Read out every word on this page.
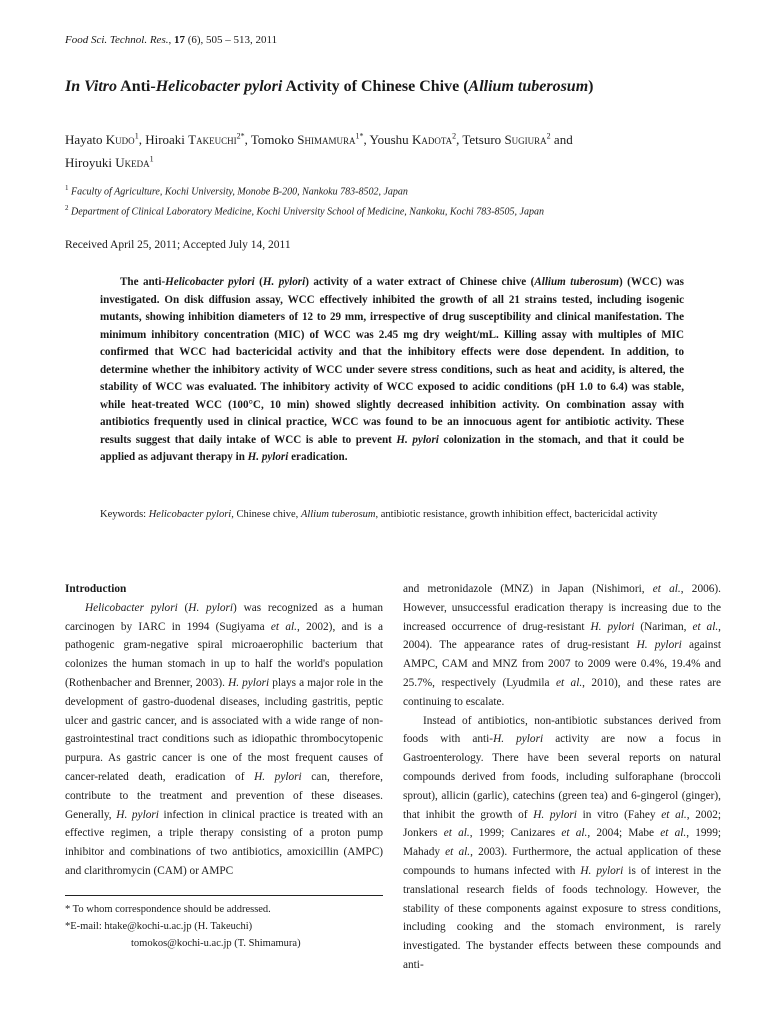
Food Sci. Technol. Res., 17 (6), 505 – 513, 2011
In Vitro Anti-Helicobacter pylori Activity of Chinese Chive (Allium tuberosum)
Hayato Kudo$^1$, Hiroaki Takeuchi$^{2*}$, Tomoko Shimamura$^{1*}$, Youshu Kadota$^2$, Tetsuro Sugiura$^2$ and
Hiroyuki Ukeda$^1$
$^1$ Faculty of Agriculture, Kochi University, Monobe B-200, Nankoku 783-8502, Japan
$^2$ Department of Clinical Laboratory Medicine, Kochi University School of Medicine, Nankoku, Kochi 783-8505, Japan
Received April 25, 2011; Accepted July 14, 2011
The anti-Helicobacter pylori (H. pylori) activity of a water extract of Chinese chive (Allium tuberosum) (WCC) was investigated. On disk diffusion assay, WCC effectively inhibited the growth of all 21 strains tested, including isogenic mutants, showing inhibition diameters of 12 to 29 mm, irrespective of drug susceptibility and clinical manifestation. The minimum inhibitory concentration (MIC) of WCC was 2.45 mg dry weight/mL. Killing assay with multiples of MIC confirmed that WCC had bactericidal activity and that the inhibitory effects were dose dependent. In addition, to determine whether the inhibitory activity of WCC under severe stress conditions, such as heat and acidity, is altered, the stability of WCC was evaluated. The inhibitory activity of WCC exposed to acidic conditions (pH 1.0 to 6.4) was stable, while heat-treated WCC (100°C, 10 min) showed slightly decreased inhibition activity. On combination assay with antibiotics frequently used in clinical practice, WCC was found to be an innocuous agent for antibiotic activity. These results suggest that daily intake of WCC is able to prevent H. pylori colonization in the stomach, and that it could be applied as adjuvant therapy in H. pylori eradication.
Keywords: Helicobacter pylori, Chinese chive, Allium tuberosum, antibiotic resistance, growth inhibition effect, bactericidal activity

Introduction

Helicobacter pylori (H. pylori) was recognized as a human carcinogen by IARC in 1994 (Sugiyama et al., 2002), and is a pathogenic gram-negative spiral microaerophilic bacterium that colonizes the human stomach in up to half the world's population (Rothenbacher and Brenner, 2003). H. pylori plays a major role in the development of gastro-duodenal diseases, including gastritis, peptic ulcer and gastric cancer, and is associated with a wide range of non-gastrointestinal tract conditions such as idiopathic thrombocytopenic purpura. As gastric cancer is one of the most frequent causes of cancer-related death, eradication of H. pylori can, therefore, contribute to the treatment and prevention of these diseases. Generally, H. pylori infection in clinical practice is treated with an effective regimen, a triple therapy consisting of a proton pump inhibitor and combinations of two antibiotics, amoxicillin (AMPC) and clarithromycin (CAM) or AMPC

* To whom correspondence should be addressed.
*E-mail: htake@kochi-u.ac.jp (H. Takeuchi)
tomokos@kochi-u.ac.jp (T. Shimamura)

and metronidazole (MNZ) in Japan (Nishimori, et al., 2006). However, unsuccessful eradication therapy is increasing due to the increased occurrence of drug-resistant H. pylori (Nariman, et al., 2004). The appearance rates of drug-resistant H. pylori against AMPC, CAM and MNZ from 2007 to 2009 were 0.4%, 19.4% and 25.7%, respectively (Lyudmila et al., 2010), and these rates are continuing to escalate.

Instead of antibiotics, non-antibiotic substances derived from foods with anti-H. pylori activity are now a focus in Gastroenterology. There have been several reports on natural compounds derived from foods, including sulforaphane (broccoli sprout), allicin (garlic), catechins (green tea) and 6-gingerol (ginger), that inhibit the growth of H. pylori in vitro (Fahey et al., 2002; Jonkers et al., 1999; Canizares et al., 2004; Mabe et al., 1999; Mahady et al., 2003). Furthermore, the actual application of these compounds to humans infected with H. pylori is of interest in the translational research fields of foods technology. However, the stability of these components against exposure to stress conditions, including cooking and the stomach environment, is rarely investigated. The bystander effects between these compounds and anti-
